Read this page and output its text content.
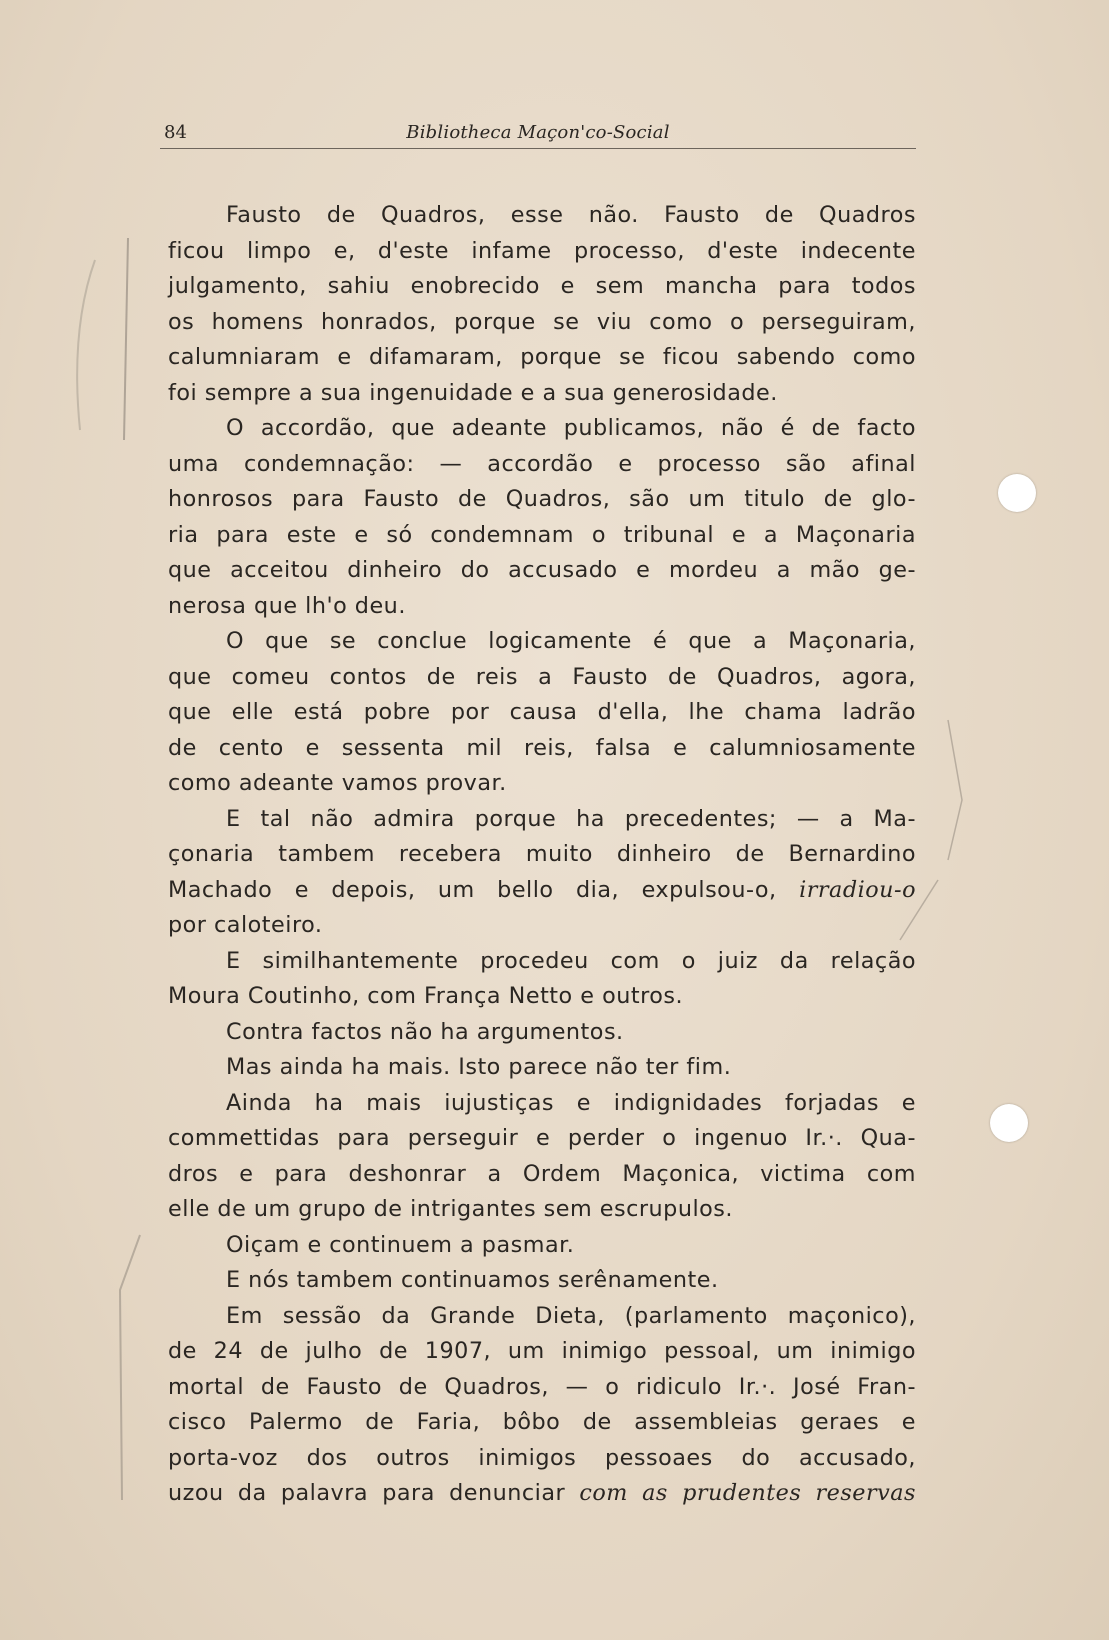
84	Bibliotheca Maçon'co-Social
Fausto de Quadros, esse não. Fausto de Quadros
ficou limpo e, d'este infame processo, d'este indecente
julgamento, sahiu enobrecido e sem mancha para todos
os homens honrados, porque se viu como o perseguiram,
calumniaram e difamaram, porque se ficou sabendo como
foi sempre a sua ingenuidade e a sua generosidade.
O accordão, que adeante publicamos, não é de facto
uma condemnação: — accordão e processo são afinal
honrosos para Fausto de Quadros, são um titulo de glo-
ria para este e só condemnam o tribunal e a Maçonaria
que acceitou dinheiro do accusado e mordeu a mão ge-
nerosa que lh'o deu.
O que se conclue logicamente é que a Maçonaria,
que comeu contos de reis a Fausto de Quadros, agora,
que elle está pobre por causa d'ella, lhe chama ladrão
de cento e sessenta mil reis, falsa e calumniosamente
como adeante vamos provar.
E tal não admira porque ha precedentes; — a Ma-
çonaria tambem recebera muito dinheiro de Bernardino
Machado e depois, um bello dia, expulsou-o, irradiou-o
por caloteiro.
E similhantemente procedeu com o juiz da relação
Moura Coutinho, com França Netto e outros.
Contra factos não ha argumentos.
Mas ainda ha mais. Isto parece não ter fim.
Ainda ha mais iujustiças e indignidades forjadas e
commettidas para perseguir e perder o ingenuo Ir.·. Qua-
dros e para deshonrar a Ordem Maçonica, victima com
elle de um grupo de intrigantes sem escrupulos.
Oiçam e continuem a pasmar.
E nós tambem continuamos serênamente.
Em sessão da Grande Dieta, (parlamento maçonico),
de 24 de julho de 1907, um inimigo pessoal, um inimigo
mortal de Fausto de Quadros, — o ridiculo Ir.·. José Fran-
cisco Palermo de Faria, bôbo de assembleias geraes e
porta-voz dos outros inimigos pessoaes do accusado,
uzou da palavra para denunciar com as prudentes reservas
